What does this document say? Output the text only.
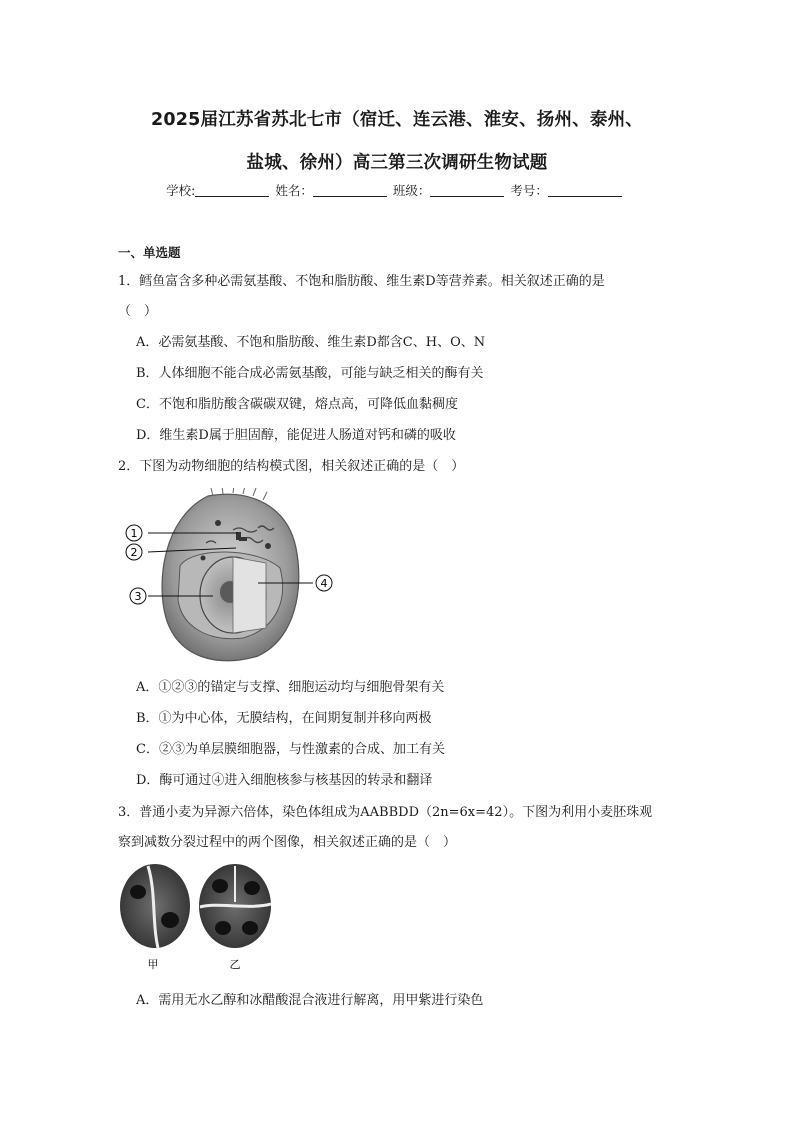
2025届江苏省苏北七市（宿迁、连云港、淮安、扬州、泰州、
盐城、徐州）高三第三次调研生物试题
学校:	姓名：	班级：	考号：
一、单选题
1．鳕鱼富含多种必需氨基酸、不饱和脂肪酸、维生素D等营养素。相关叙述正确的是
（　）
A．必需氨基酸、不饱和脂肪酸、维生素D都含C、H、O、N
B．人体细胞不能合成必需氨基酸，可能与缺乏相关的酶有关
C．不饱和脂肪酸含碳碳双键，熔点高，可降低血黏稠度
D．维生素D属于胆固醇，能促进人肠道对钙和磷的吸收
2．下图为动物细胞的结构模式图，相关叙述正确的是（　）
1
2
3
4
A．①②③的锚定与支撑、细胞运动均与细胞骨架有关
B．①为中心体，无膜结构，在间期复制并移向两极
C．②③为单层膜细胞器，与性激素的合成、加工有关
D．酶可通过④进入细胞核参与核基因的转录和翻译
3．普通小麦为异源六倍体，染色体组成为AABBDD（2n=6x=42）。下图为利用小麦胚珠观
察到减数分裂过程中的两个图像，相关叙述正确的是（　）
甲	乙
A．需用无水乙醇和冰醋酸混合液进行解离，用甲紫进行染色
